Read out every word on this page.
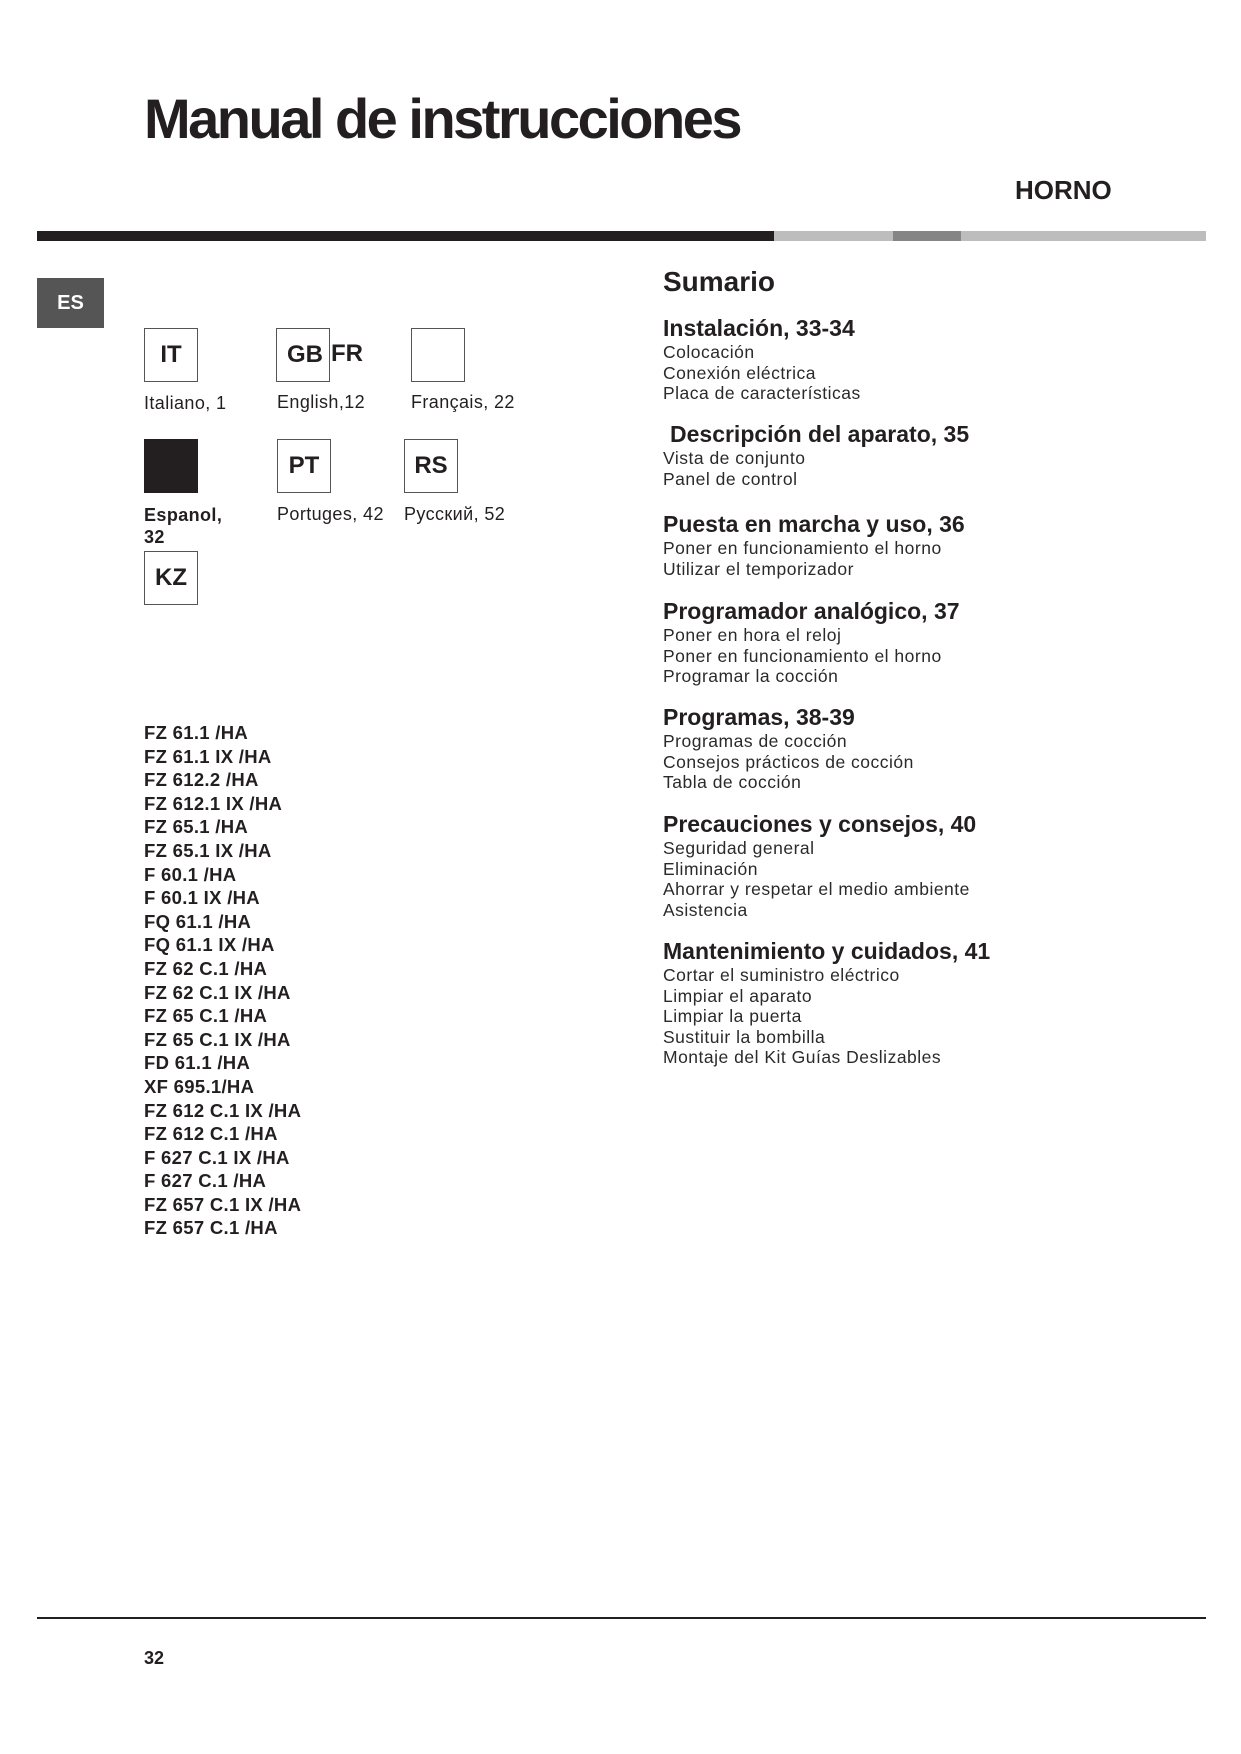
Manual de instrucciones
HORNO
ES
IT
Italiano, 1
GB FR
English,12	Français, 22
Espanol, 32
PT
Portuges, 42
RS
Русский, 52
KZ
FZ 61.1 /HA
FZ 61.1 IX /HA
FZ 612.2 /HA
FZ 612.1 IX /HA
FZ 65.1 /HA
FZ 65.1 IX /HA
F 60.1 /HA
F 60.1 IX /HA
FQ 61.1 /HA
FQ 61.1 IX /HA
FZ 62 C.1 /HA
FZ 62 C.1 IX /HA
FZ 65 C.1 /HA
FZ 65 C.1 IX /HA
FD 61.1 /HA
XF 695.1/HA
FZ 612 C.1 IX /HA
FZ 612 C.1 /HA
F 627 C.1 IX /HA
F 627 C.1 /HA
FZ 657 C.1 IX /HA
FZ 657 C.1 /HA
Sumario
Instalación, 33-34
Colocación
Conexión eléctrica
Placa de características
Descripción del aparato, 35
Vista de conjunto
Panel de control
Puesta en marcha y uso, 36
Poner en funcionamiento el horno
Utilizar el temporizador
Programador analógico, 37
Poner en hora el reloj
Poner en funcionamiento el horno
Programar la cocción
Programas, 38-39
Programas de cocción
Consejos prácticos de cocción
Tabla de cocción
Precauciones y consejos, 40
Seguridad general
Eliminación
Ahorrar y respetar el medio ambiente
Asistencia
Mantenimiento y cuidados, 41
Cortar el suministro eléctrico
Limpiar el aparato
Limpiar la puerta
Sustituir la bombilla
Montaje del Kit Guías Deslizables
32
